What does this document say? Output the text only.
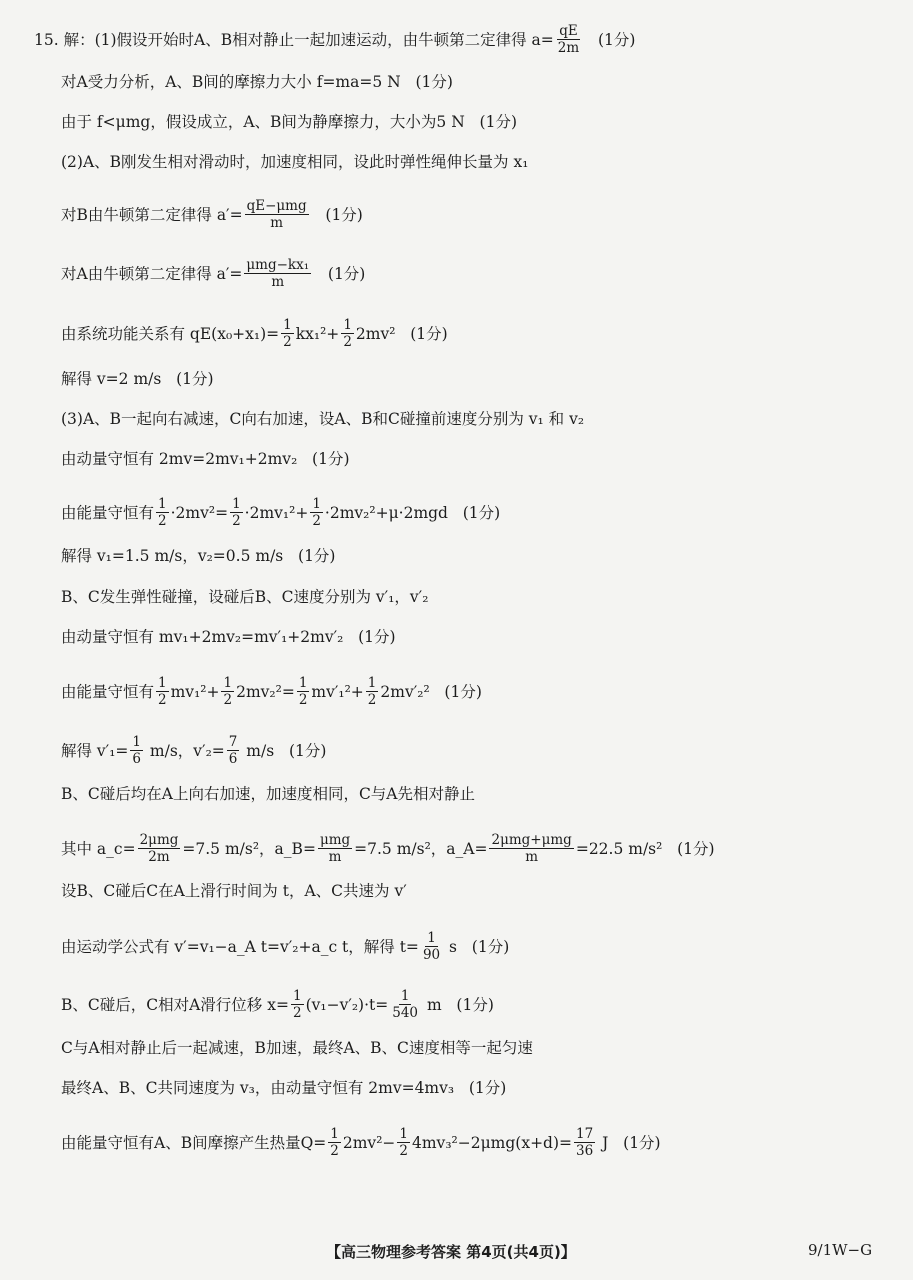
15. 解：(1)假设开始时A、B相对静止一起加速运动，由牛顿第二定律得 $a= \frac{qE}{2m} (1$分)
对A受力分析，A、B间的摩擦力大小 f=ma=5 N   (1分)
由于 f<μmg，假设成立，A、B间为静摩擦力，大小为5 N   (1分)
(2)A、B刚发生相对滑动时，加速度相同，设此时弹性绳伸长量为 x₁
对B由牛顿第二定律得 $a'= \frac{\text{qE−μmg}}{m} (1$分)
对A由牛顿第二定律得 $a'= \frac{\text{μmg−kx₁}}{m} (1$分)
由系统功能关系有 $qE(x_0+x_1)= \frac{1}{2} kx_1^2+ \frac{1}{2} 2mv^2$   (1分)
解得 v=2 m/s   (1分)
(3)A、B一起向右减速，C向右加速，设A、B和C碰撞前速度分别为 v₁ 和 v₂
由动量守恒有 2mv=2mv₁+2mv₂   (1分)
由能量守恒有 $\frac{1}{2} \cdot 2mv^2= \frac{1}{2} \cdot 2mv_1^2+ \frac{1}{2} \cdot 2mv_2^2+\mu\cdot 2mgd$   (1分)
解得 v₁=1.5 m/s，v₂=0.5 m/s   (1分)
B、C发生弹性碰撞，设碰后B、C速度分别为 v′₁，v′₂
由动量守恒有 mv₁+2mv₂=mv′₁+2mv′₂   (1分)
由能量守恒有 $\frac{1}{2} mv_1^2+ \frac{1}{2} 2mv_2^2= \frac{1}{2} mv'_1^2+ \frac{1}{2} 2mv'_2^2$   (1分)
解得 $v'_1= \frac{1}{6} m/s$，$v'_2= \frac{7}{6} m/s$   (1分)
B、C碰后均在A上向右加速，加速度相同，C与A先相对静止
其中 a_c= $\frac{\text{2μmg}}{2m} =7.5$ m/s²，a_B= $\frac{\text{μmg}}{m} =7.5$ m/s²，a_A= $\frac{\text{2μmg+μmg}}{m} =22.5$ m/s²   (1分)
设B、C碰后C在A上滑行时间为 t，A、C共速为 v′
由运动学公式有 v′=v₁−a_A t=v′₂+a_c t，解得 $t= \frac{1}{90}$ s   (1分)
B、C碰后，C相对A滑行位移 $x= \frac{1}{2} (v_1-v'_2)\cdot t= \frac{1}{540}$ m   (1分)
C与A相对静止后一起减速，B加速，最终A、B、C速度相等一起匀速
最终A、B、C共同速度为 v₃，由动量守恒有 2mv=4mv₃   (1分)
由能量守恒有A、B间摩擦产生热量$Q= \frac{1}{2} 2mv^2- \frac{1}{2} 4mv_3^2-2\mu mg(x+d)= \frac{17}{36}$ J   (1分)
【高三物理参考答案 第4页(共4页)】	9/1W−G
